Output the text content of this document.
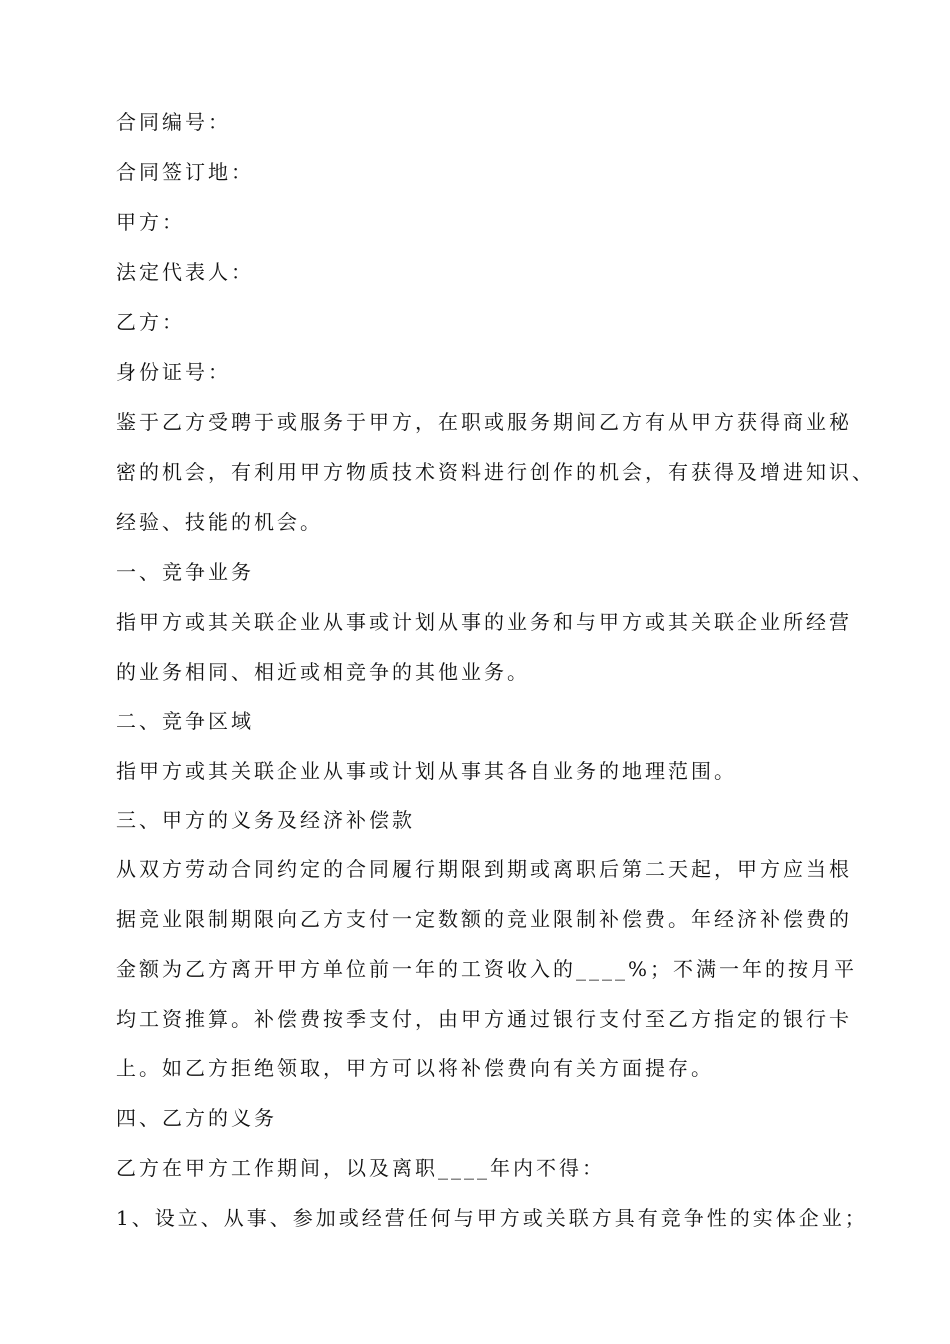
合同编号：
合同签订地：
甲方：
法定代表人：
乙方：
身份证号：
鉴于乙方受聘于或服务于甲方，在职或服务期间乙方有从甲方获得商业秘
密的机会，有利用甲方物质技术资料进行创作的机会，有获得及增进知识、
经验、技能的机会。
一、竞争业务
指甲方或其关联企业从事或计划从事的业务和与甲方或其关联企业所经营
的业务相同、相近或相竞争的其他业务。
二、竞争区域
指甲方或其关联企业从事或计划从事其各自业务的地理范围。
三、甲方的义务及经济补偿款
从双方劳动合同约定的合同履行期限到期或离职后第二天起，甲方应当根
据竞业限制期限向乙方支付一定数额的竞业限制补偿费。年经济补偿费的
金额为乙方离开甲方单位前一年的工资收入的____%；不满一年的按月平
均工资推算。补偿费按季支付，由甲方通过银行支付至乙方指定的银行卡
上。如乙方拒绝领取，甲方可以将补偿费向有关方面提存。
四、乙方的义务
乙方在甲方工作期间，以及离职____年内不得：
1、设立、从事、参加或经营任何与甲方或关联方具有竞争性的实体企业；
